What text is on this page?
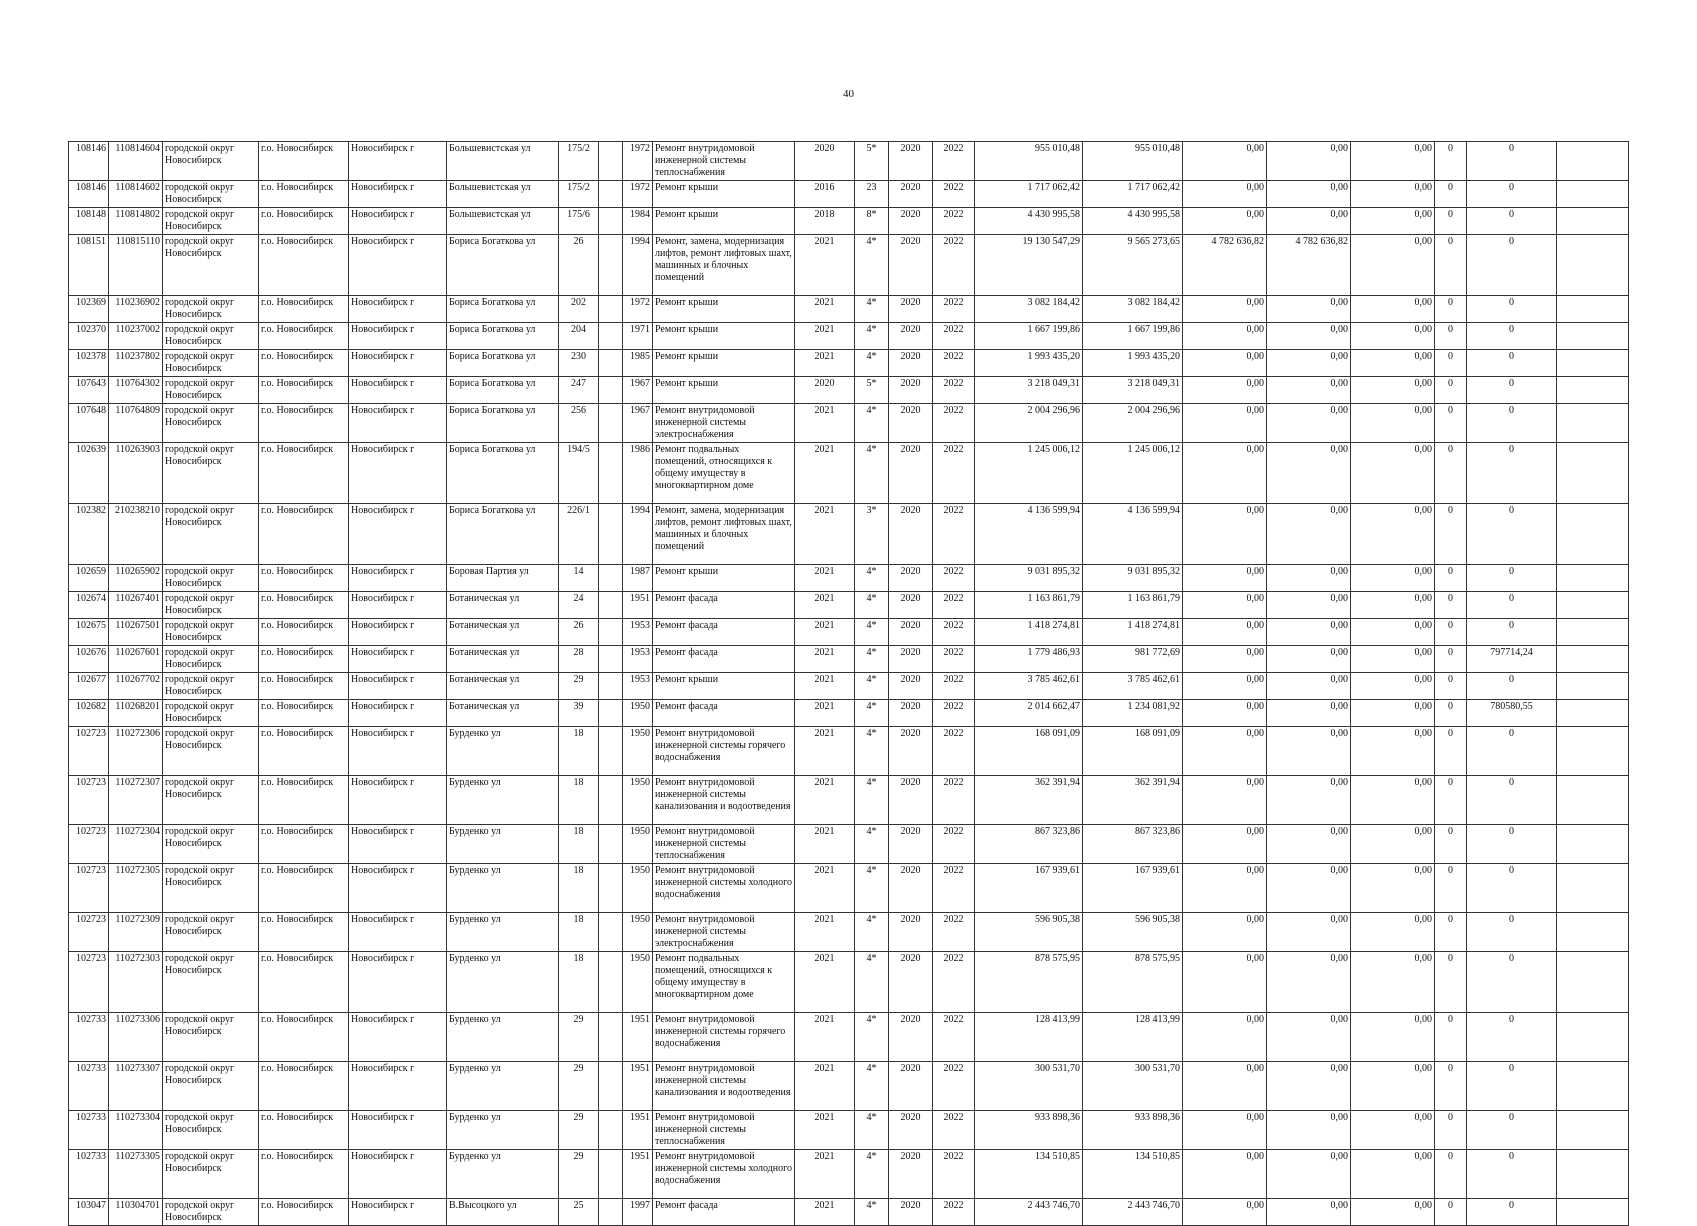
40
108146	110814604	городской округ Новосибирск	г.о. Новосибирск	Новосибирск г	Большевистская ул	175/2		1972	Ремонт внутридомовой инженерной системы теплоснабжения	2020	5*	2020	2022	955 010,48	955 010,48	0,00	0,00	0,00	0	0	
108146	110814602	городской округ Новосибирск	г.о. Новосибирск	Новосибирск г	Большевистская ул	175/2		1972	Ремонт крыши	2016	23	2020	2022	1 717 062,42	1 717 062,42	0,00	0,00	0,00	0	0	
108148	110814802	городской округ Новосибирск	г.о. Новосибирск	Новосибирск г	Большевистская ул	175/6		1984	Ремонт крыши	2018	8*	2020	2022	4 430 995,58	4 430 995,58	0,00	0,00	0,00	0	0	
108151	110815110	городской округ Новосибирск	г.о. Новосибирск	Новосибирск г	Бориса Богаткова ул	26		1994	Ремонт, замена, модернизация лифтов, ремонт лифтовых шахт, машинных и блочных помещений	2021	4*	2020	2022	19 130 547,29	9 565 273,65	4 782 636,82	4 782 636,82	0,00	0	0	
102369	110236902	городской округ Новосибирск	г.о. Новосибирск	Новосибирск г	Бориса Богаткова ул	202		1972	Ремонт крыши	2021	4*	2020	2022	3 082 184,42	3 082 184,42	0,00	0,00	0,00	0	0	
102370	110237002	городской округ Новосибирск	г.о. Новосибирск	Новосибирск г	Бориса Богаткова ул	204		1971	Ремонт крыши	2021	4*	2020	2022	1 667 199,86	1 667 199,86	0,00	0,00	0,00	0	0	
102378	110237802	городской округ Новосибирск	г.о. Новосибирск	Новосибирск г	Бориса Богаткова ул	230		1985	Ремонт крыши	2021	4*	2020	2022	1 993 435,20	1 993 435,20	0,00	0,00	0,00	0	0	
107643	110764302	городской округ Новосибирск	г.о. Новосибирск	Новосибирск г	Бориса Богаткова ул	247		1967	Ремонт крыши	2020	5*	2020	2022	3 218 049,31	3 218 049,31	0,00	0,00	0,00	0	0	
107648	110764809	городской округ Новосибирск	г.о. Новосибирск	Новосибирск г	Бориса Богаткова ул	256		1967	Ремонт внутридомовой инженерной системы электроснабжения	2021	4*	2020	2022	2 004 296,96	2 004 296,96	0,00	0,00	0,00	0	0	
102639	110263903	городской округ Новосибирск	г.о. Новосибирск	Новосибирск г	Бориса Богаткова ул	194/5		1986	Ремонт подвальных помещений, относящихся к общему имуществу в многоквартирном доме	2021	4*	2020	2022	1 245 006,12	1 245 006,12	0,00	0,00	0,00	0	0	
102382	210238210	городской округ Новосибирск	г.о. Новосибирск	Новосибирск г	Бориса Богаткова ул	226/1		1994	Ремонт, замена, модернизация лифтов, ремонт лифтовых шахт, машинных и блочных помещений	2021	3*	2020	2022	4 136 599,94	4 136 599,94	0,00	0,00	0,00	0	0	
102659	110265902	городской округ Новосибирск	г.о. Новосибирск	Новосибирск г	Боровая Партия ул	14		1987	Ремонт крыши	2021	4*	2020	2022	9 031 895,32	9 031 895,32	0,00	0,00	0,00	0	0	
102674	110267401	городской округ Новосибирск	г.о. Новосибирск	Новосибирск г	Ботаническая ул	24		1951	Ремонт фасада	2021	4*	2020	2022	1 163 861,79	1 163 861,79	0,00	0,00	0,00	0	0	
102675	110267501	городской округ Новосибирск	г.о. Новосибирск	Новосибирск г	Ботаническая ул	26		1953	Ремонт фасада	2021	4*	2020	2022	1 418 274,81	1 418 274,81	0,00	0,00	0,00	0	0	
102676	110267601	городской округ Новосибирск	г.о. Новосибирск	Новосибирск г	Ботаническая ул	28		1953	Ремонт фасада	2021	4*	2020	2022	1 779 486,93	981 772,69	0,00	0,00	0,00	0	797714,24	
102677	110267702	городской округ Новосибирск	г.о. Новосибирск	Новосибирск г	Ботаническая ул	29		1953	Ремонт крыши	2021	4*	2020	2022	3 785 462,61	3 785 462,61	0,00	0,00	0,00	0	0	
102682	110268201	городской округ Новосибирск	г.о. Новосибирск	Новосибирск г	Ботаническая ул	39		1950	Ремонт фасада	2021	4*	2020	2022	2 014 662,47	1 234 081,92	0,00	0,00	0,00	0	780580,55	
102723	110272306	городской округ Новосибирск	г.о. Новосибирск	Новосибирск г	Бурденко ул	18		1950	Ремонт внутридомовой инженерной системы горячего водоснабжения	2021	4*	2020	2022	168 091,09	168 091,09	0,00	0,00	0,00	0	0	
102723	110272307	городской округ Новосибирск	г.о. Новосибирск	Новосибирск г	Бурденко ул	18		1950	Ремонт внутридомовой инженерной системы канализования и водоотведения	2021	4*	2020	2022	362 391,94	362 391,94	0,00	0,00	0,00	0	0	
102723	110272304	городской округ Новосибирск	г.о. Новосибирск	Новосибирск г	Бурденко ул	18		1950	Ремонт внутридомовой инженерной системы теплоснабжения	2021	4*	2020	2022	867 323,86	867 323,86	0,00	0,00	0,00	0	0	
102723	110272305	городской округ Новосибирск	г.о. Новосибирск	Новосибирск г	Бурденко ул	18		1950	Ремонт внутридомовой инженерной системы холодного водоснабжения	2021	4*	2020	2022	167 939,61	167 939,61	0,00	0,00	0,00	0	0	
102723	110272309	городской округ Новосибирск	г.о. Новосибирск	Новосибирск г	Бурденко ул	18		1950	Ремонт внутридомовой инженерной системы электроснабжения	2021	4*	2020	2022	596 905,38	596 905,38	0,00	0,00	0,00	0	0	
102723	110272303	городской округ Новосибирск	г.о. Новосибирск	Новосибирск г	Бурденко ул	18		1950	Ремонт подвальных помещений, относящихся к общему имуществу в многоквартирном доме	2021	4*	2020	2022	878 575,95	878 575,95	0,00	0,00	0,00	0	0	
102733	110273306	городской округ Новосибирск	г.о. Новосибирск	Новосибирск г	Бурденко ул	29		1951	Ремонт внутридомовой инженерной системы горячего водоснабжения	2021	4*	2020	2022	128 413,99	128 413,99	0,00	0,00	0,00	0	0	
102733	110273307	городской округ Новосибирск	г.о. Новосибирск	Новосибирск г	Бурденко ул	29		1951	Ремонт внутридомовой инженерной системы канализования и водоотведения	2021	4*	2020	2022	300 531,70	300 531,70	0,00	0,00	0,00	0	0	
102733	110273304	городской округ Новосибирск	г.о. Новосибирск	Новосибирск г	Бурденко ул	29		1951	Ремонт внутридомовой инженерной системы теплоснабжения	2021	4*	2020	2022	933 898,36	933 898,36	0,00	0,00	0,00	0	0	
102733	110273305	городской округ Новосибирск	г.о. Новосибирск	Новосибирск г	Бурденко ул	29		1951	Ремонт внутридомовой инженерной системы холодного водоснабжения	2021	4*	2020	2022	134 510,85	134 510,85	0,00	0,00	0,00	0	0	
103047	110304701	городской округ Новосибирск	г.о. Новосибирск	Новосибирск г	В.Высоцкого ул	25		1997	Ремонт фасада	2021	4*	2020	2022	2 443 746,70	2 443 746,70	0,00	0,00	0,00	0	0	
